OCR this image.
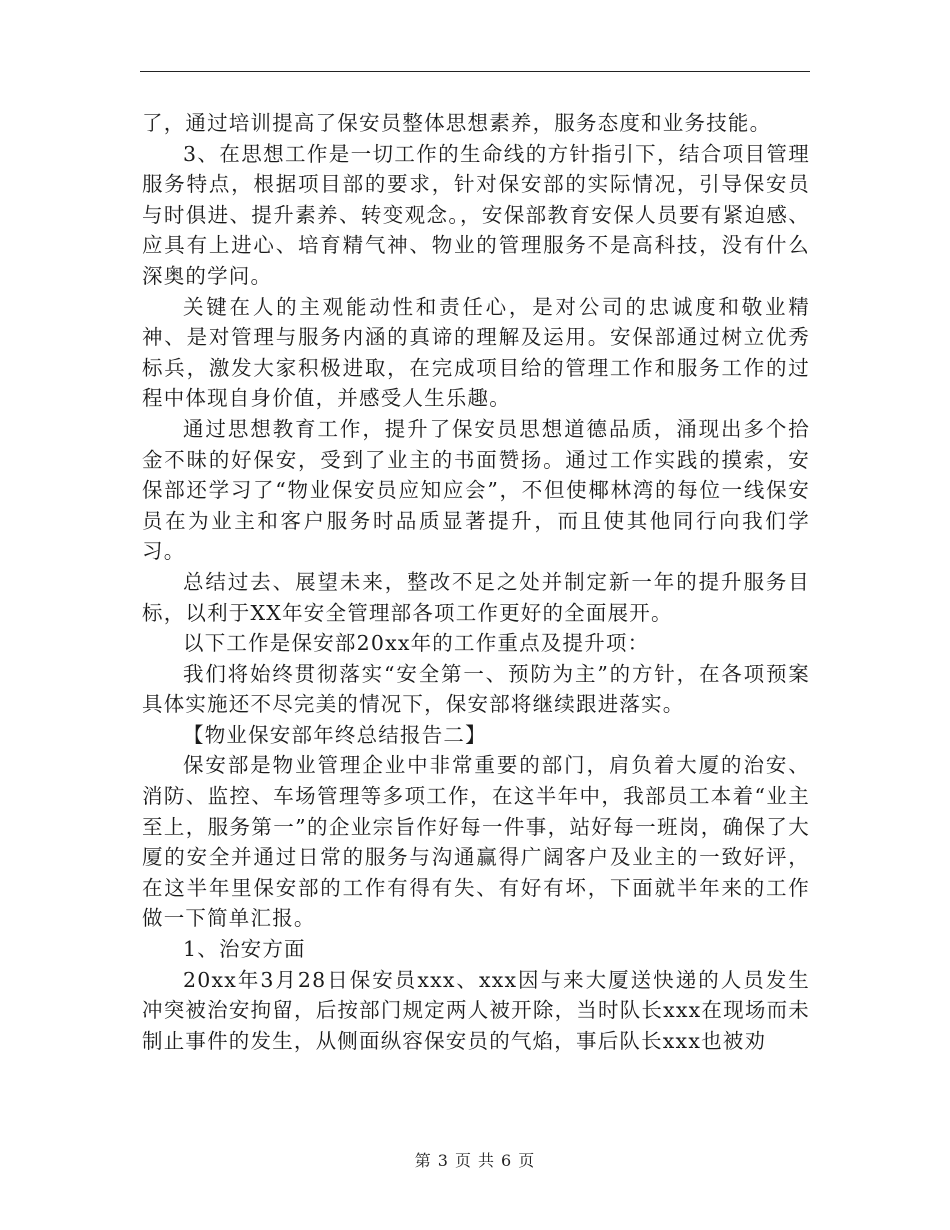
了，通过培训提高了保安员整体思想素养，服务态度和业务技能。

3、在思想工作是一切工作的生命线的方针指引下，结合项目管理服务特点，根据项目部的要求，针对保安部的实际情况，引导保安员与时俱进、提升素养、转变观念。，安保部教育安保人员要有紧迫感、应具有上进心、培育精气神、物业的管理服务不是高科技，没有什么深奥的学问。

关键在人的主观能动性和责任心，是对公司的忠诚度和敬业精神、是对管理与服务内涵的真谛的理解及运用。安保部通过树立优秀标兵，激发大家积极进取，在完成项目给的管理工作和服务工作的过程中体现自身价值，并感受人生乐趣。

通过思想教育工作，提升了保安员思想道德品质，涌现出多个拾金不昧的好保安，受到了业主的书面赞扬。通过工作实践的摸索，安保部还学习了“物业保安员应知应会”，不但使椰林湾的每位一线保安员在为业主和客户服务时品质显著提升，而且使其他同行向我们学习。

总结过去、展望未来，整改不足之处并制定新一年的提升服务目标，以利于XX年安全管理部各项工作更好的全面展开。

以下工作是保安部20xx年的工作重点及提升项：

我们将始终贯彻落实“安全第一、预防为主”的方针，在各项预案具体实施还不尽完美的情况下，保安部将继续跟进落实。

【物业保安部年终总结报告二】

保安部是物业管理企业中非常重要的部门，肩负着大厦的治安、消防、监控、车场管理等多项工作，在这半年中，我部员工本着“业主至上，服务第一”的企业宗旨作好每一件事，站好每一班岗，确保了大厦的安全并通过日常的服务与沟通赢得广阔客户及业主的一致好评，在这半年里保安部的工作有得有失、有好有坏，下面就半年来的工作做一下简单汇报。

1、治安方面

20xx年3月28日保安员xxx、xxx因与来大厦送快递的人员发生冲突被治安拘留，后按部门规定两人被开除，当时队长xxx在现场而未制止事件的发生，从侧面纵容保安员的气焰，事后队长xxx也被劝

第 3 页 共 6 页
